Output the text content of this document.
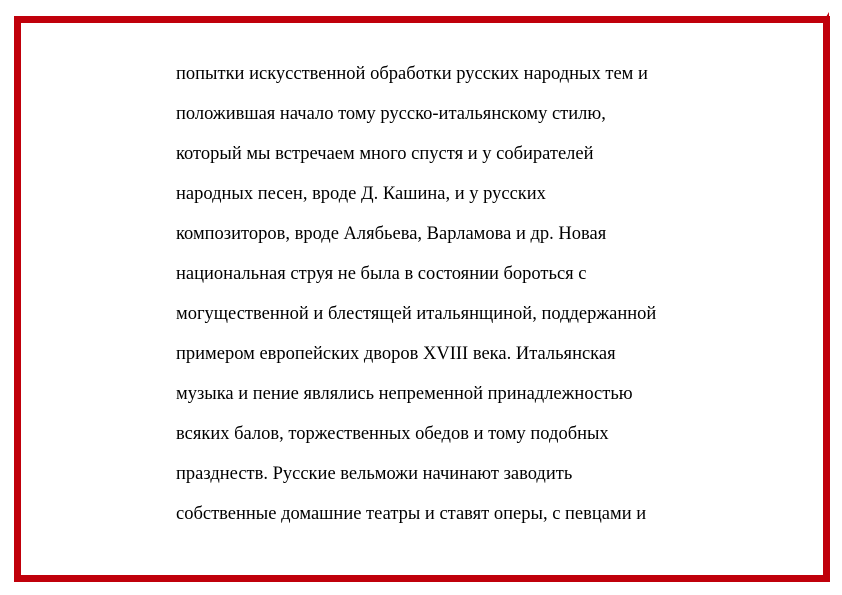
попытки искусственной обработки русских народных тем и
положившая начало тому русско-итальянскому стилю,
который мы встречаем много спустя и у собирателей
народных песен, вроде Д. Кашина, и у русских
композиторов, вроде Алябьева, Варламова и др. Новая
национальная струя не была в состоянии бороться с
могущественной и блестящей итальянщиной, поддержанной
примером европейских дворов XVIII века. Итальянская
музыка и пение являлись непременной принадлежностью
всяких балов, торжественных обедов и тому подобных
празднеств. Русские вельможи начинают заводить
собственные домашние театры и ставят оперы, с певцами и
